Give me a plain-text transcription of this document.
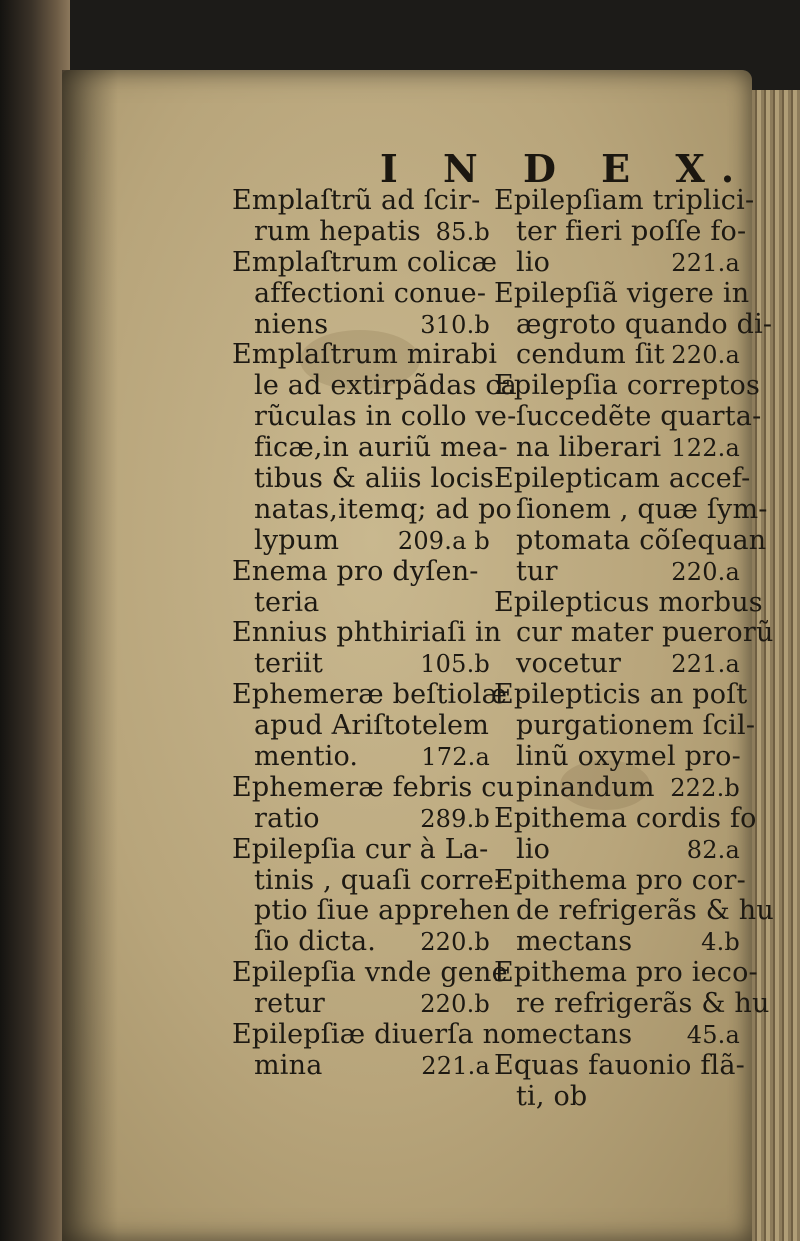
I N D E X.
Emplaſtrũ ad ſcir-
rum hepatis 85.b
Emplaſtrum colicæ
affectioni conue-
niens	310.b
Emplaſtrum mirabi
le ad extirpãdas ca
rũculas in collo ve-
ficæ,in auriũ mea-
tibus & aliis locis
natas,itemq; ad po
lypum 209.a b
Enema pro dyſen-
teria
Ennius phthiriaſi in
teriit	105.b
Ephemeræ beſtiolæ
apud Ariſtotelem
mentio.	172.a
Ephemeræ febris cu
ratio	289.b
Epilepſia cur à La-
tinis , quaſi corre-
ptio ſiue apprehen
ſio dicta. 220.b
Epilepſia vnde gene
retur	220.b
Epilepſiæ diuerſa no
mina	221.a
Epilepſiam triplici-
ter fieri poſſe fo-
lio	221.a
Epilepſiã vigere in
ægroto quando di-
cendum ſit 220.a
Epilepſia correptos
ſuccedẽte quarta-
na liberari 122.a
Epilepticam accef-
ſionem , quæ ſym-
ptomata cõſequan
tur	220.a
Epilepticus morbus
cur mater puerorũ
vocetur 221.a
Epilepticis an poſt
purgationem ſcil-
linũ oxymel pro-
pinandum 222.b
Epithema cordis fo
lio	82.a
Epithema pro cor-
de refrigerãs & hu
mectans	4.b
Epithema pro ieco-
re refrigerãs & hu
mectans 45.a
Equas fauonio flã-
ti, ob
